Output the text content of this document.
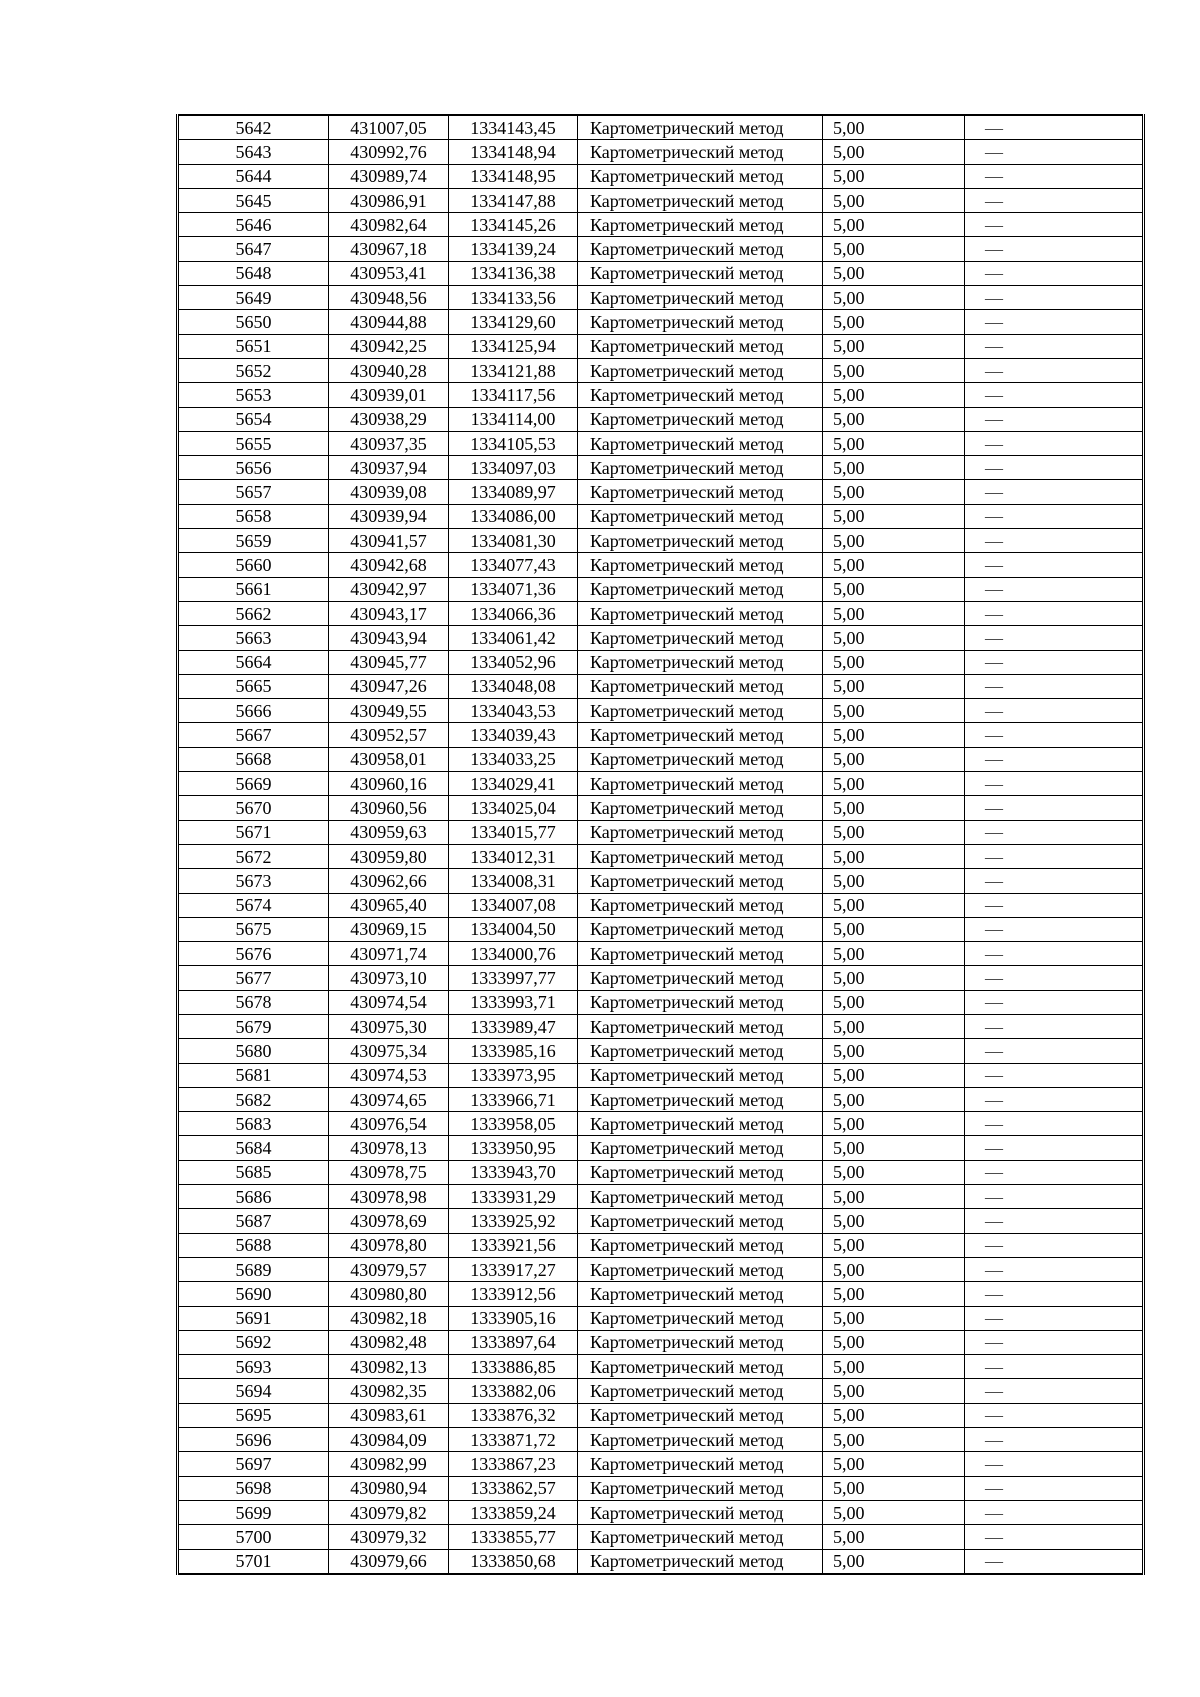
5642	431007,05	1334143,45	Картометрический метод	5,00	—
5643	430992,76	1334148,94	Картометрический метод	5,00	—
5644	430989,74	1334148,95	Картометрический метод	5,00	—
5645	430986,91	1334147,88	Картометрический метод	5,00	—
5646	430982,64	1334145,26	Картометрический метод	5,00	—
5647	430967,18	1334139,24	Картометрический метод	5,00	—
5648	430953,41	1334136,38	Картометрический метод	5,00	—
5649	430948,56	1334133,56	Картометрический метод	5,00	—
5650	430944,88	1334129,60	Картометрический метод	5,00	—
5651	430942,25	1334125,94	Картометрический метод	5,00	—
5652	430940,28	1334121,88	Картометрический метод	5,00	—
5653	430939,01	1334117,56	Картометрический метод	5,00	—
5654	430938,29	1334114,00	Картометрический метод	5,00	—
5655	430937,35	1334105,53	Картометрический метод	5,00	—
5656	430937,94	1334097,03	Картометрический метод	5,00	—
5657	430939,08	1334089,97	Картометрический метод	5,00	—
5658	430939,94	1334086,00	Картометрический метод	5,00	—
5659	430941,57	1334081,30	Картометрический метод	5,00	—
5660	430942,68	1334077,43	Картометрический метод	5,00	—
5661	430942,97	1334071,36	Картометрический метод	5,00	—
5662	430943,17	1334066,36	Картометрический метод	5,00	—
5663	430943,94	1334061,42	Картометрический метод	5,00	—
5664	430945,77	1334052,96	Картометрический метод	5,00	—
5665	430947,26	1334048,08	Картометрический метод	5,00	—
5666	430949,55	1334043,53	Картометрический метод	5,00	—
5667	430952,57	1334039,43	Картометрический метод	5,00	—
5668	430958,01	1334033,25	Картометрический метод	5,00	—
5669	430960,16	1334029,41	Картометрический метод	5,00	—
5670	430960,56	1334025,04	Картометрический метод	5,00	—
5671	430959,63	1334015,77	Картометрический метод	5,00	—
5672	430959,80	1334012,31	Картометрический метод	5,00	—
5673	430962,66	1334008,31	Картометрический метод	5,00	—
5674	430965,40	1334007,08	Картометрический метод	5,00	—
5675	430969,15	1334004,50	Картометрический метод	5,00	—
5676	430971,74	1334000,76	Картометрический метод	5,00	—
5677	430973,10	1333997,77	Картометрический метод	5,00	—
5678	430974,54	1333993,71	Картометрический метод	5,00	—
5679	430975,30	1333989,47	Картометрический метод	5,00	—
5680	430975,34	1333985,16	Картометрический метод	5,00	—
5681	430974,53	1333973,95	Картометрический метод	5,00	—
5682	430974,65	1333966,71	Картометрический метод	5,00	—
5683	430976,54	1333958,05	Картометрический метод	5,00	—
5684	430978,13	1333950,95	Картометрический метод	5,00	—
5685	430978,75	1333943,70	Картометрический метод	5,00	—
5686	430978,98	1333931,29	Картометрический метод	5,00	—
5687	430978,69	1333925,92	Картометрический метод	5,00	—
5688	430978,80	1333921,56	Картометрический метод	5,00	—
5689	430979,57	1333917,27	Картометрический метод	5,00	—
5690	430980,80	1333912,56	Картометрический метод	5,00	—
5691	430982,18	1333905,16	Картометрический метод	5,00	—
5692	430982,48	1333897,64	Картометрический метод	5,00	—
5693	430982,13	1333886,85	Картометрический метод	5,00	—
5694	430982,35	1333882,06	Картометрический метод	5,00	—
5695	430983,61	1333876,32	Картометрический метод	5,00	—
5696	430984,09	1333871,72	Картометрический метод	5,00	—
5697	430982,99	1333867,23	Картометрический метод	5,00	—
5698	430980,94	1333862,57	Картометрический метод	5,00	—
5699	430979,82	1333859,24	Картометрический метод	5,00	—
5700	430979,32	1333855,77	Картометрический метод	5,00	—
5701	430979,66	1333850,68	Картометрический метод	5,00	—
